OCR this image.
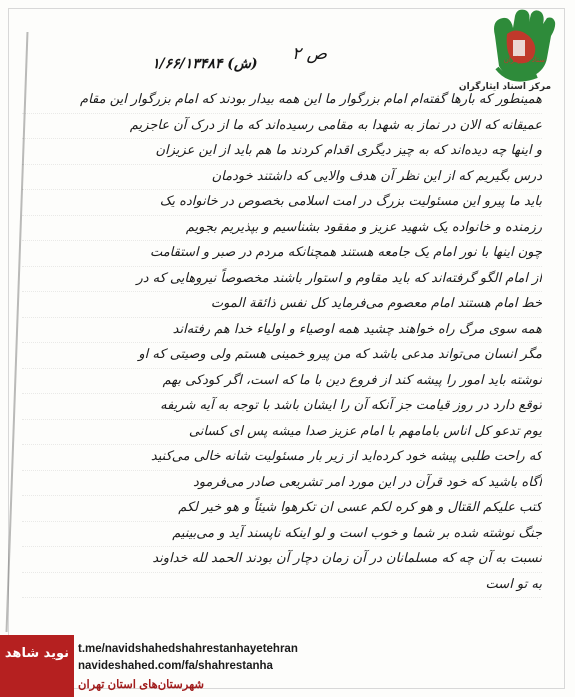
۱/۶۶/۱۳۴۸۴ (ش) ص ۲	ستاد ایثارگران
مرکز اسناد ایثارگران
همینطور که بارها گفته‌ام امام بزرگوار ما این همه بیدار بودند که امام بزرگوار این مقام
عمیقانه که الان در نماز به شهدا به مقامی رسیده‌اند که ما از درک آن عاجزیم
و اینها چه دیده‌اند که به چیز دیگری اقدام کردند ما هم باید از این عزیزان
درس بگیریم که از این نظر آن هدف والایی که داشتند خودمان
باید ما پیرو این مسئولیت بزرگ در امت اسلامی بخصوص در خانواده یک
رزمنده و خانواده یک شهید عزیز و مفقود بشناسیم و بپذیریم بجویم
چون اینها با نور امام یک جامعه هستند همچنانکه مردم در صبر و استقامت
از امام الگو گرفته‌اند که باید مقاوم و استوار باشند مخصوصاً نیروهایی که در
خط امام هستند امام معصوم می‌فرماید کل نفس ذائقة الموت
همه سوی مرگ راه خواهند چشید همه اوصیاء و اولیاء خدا هم رفته‌اند
مگر انسان می‌تواند مدعی باشد که من پیرو خمینی هستم ولی وصیتی که او
نوشته باید امور را پیشه کند از فروع دین با ما که است، اگر کودکی بهم
توقع دارد در روز قیامت جز آنکه آن را ایشان باشد با توجه به آیه شریفه
یوم تدعو کل اناس بامامهم با امام عزیز صدا میشه پس ای کسانی
که راحت طلبی پیشه خود کرده‌اید از زیر بار مسئولیت شانه خالی می‌کنید
آگاه باشید که خود قرآن در این مورد امر تشریعی صادر می‌فرمود
کتب علیکم القتال و هو کره لکم عسی ان تکرهوا شیئاً و هو خیر لکم
جنگ نوشته شده بر شما و خوب است و لو اینکه ناپسند آید و می‌بینیم
نسبت به آن چه که مسلمانان در آن زمان دچار آن بودند الحمد لله خداوند
به تو است
نوید شاهد t.me/navidshahedshahrestanhayetehran
navideshahed.com/fa/shahrestanha
شهرستان‌های استان تهران
